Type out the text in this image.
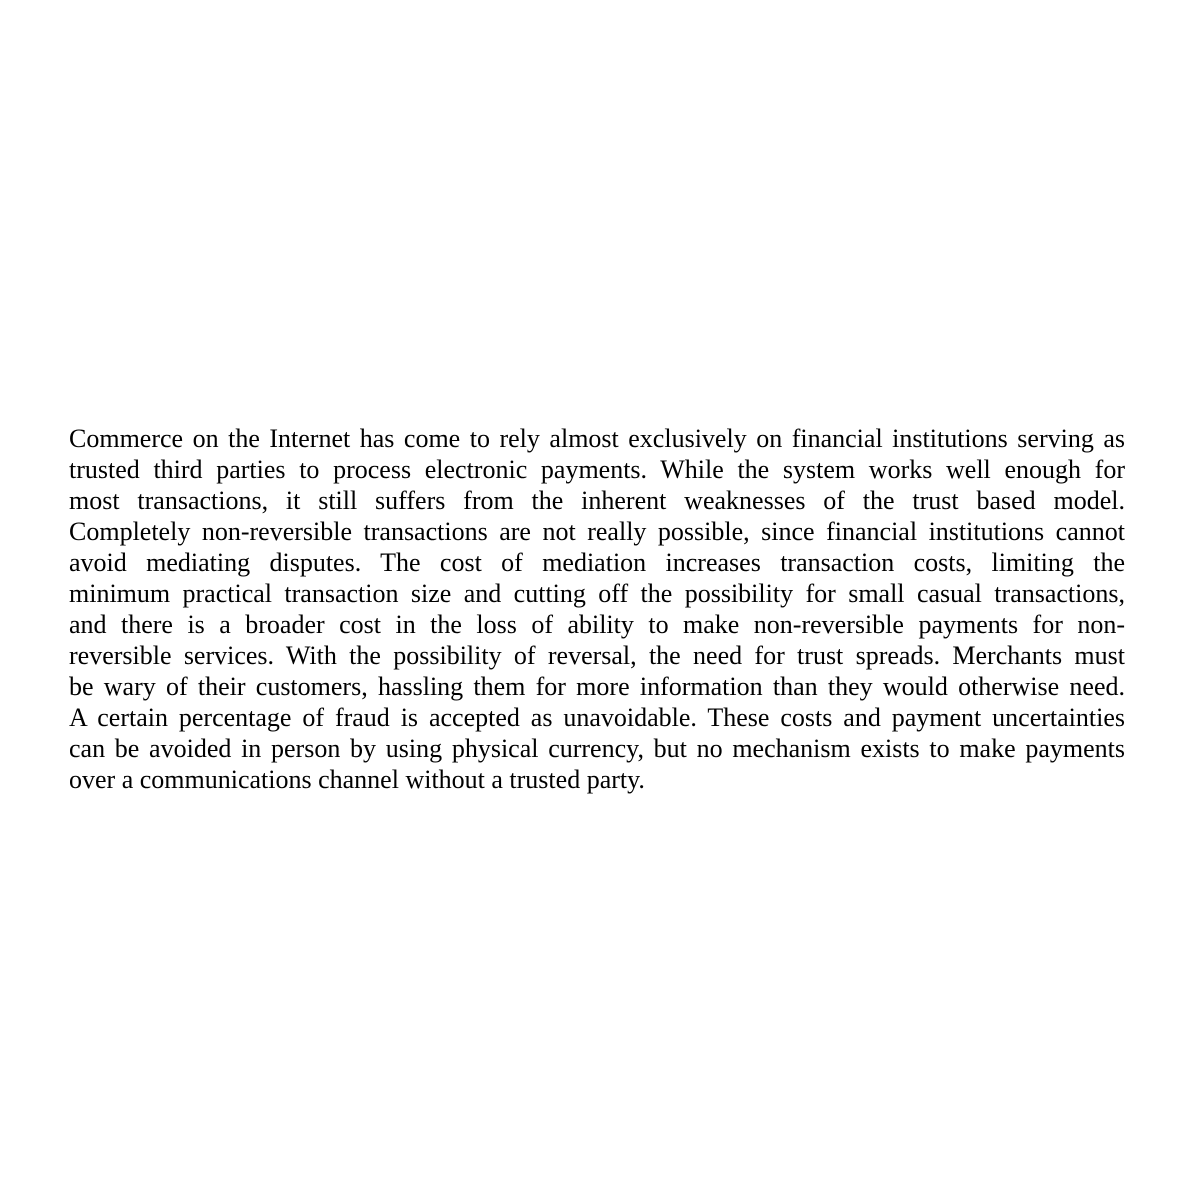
Commerce on the Internet has come to rely almost exclusively on financial institutions serving as
trusted third parties to process electronic payments. While the system works well enough for
most transactions, it still suffers from the inherent weaknesses of the trust based model.
Completely non-reversible transactions are not really possible, since financial institutions cannot
avoid mediating disputes. The cost of mediation increases transaction costs, limiting the
minimum practical transaction size and cutting off the possibility for small casual transactions,
and there is a broader cost in the loss of ability to make non-reversible payments for non-
reversible services. With the possibility of reversal, the need for trust spreads. Merchants must
be wary of their customers, hassling them for more information than they would otherwise need.
A certain percentage of fraud is accepted as unavoidable. These costs and payment uncertainties
can be avoided in person by using physical currency, but no mechanism exists to make payments
over a communications channel without a trusted party.
